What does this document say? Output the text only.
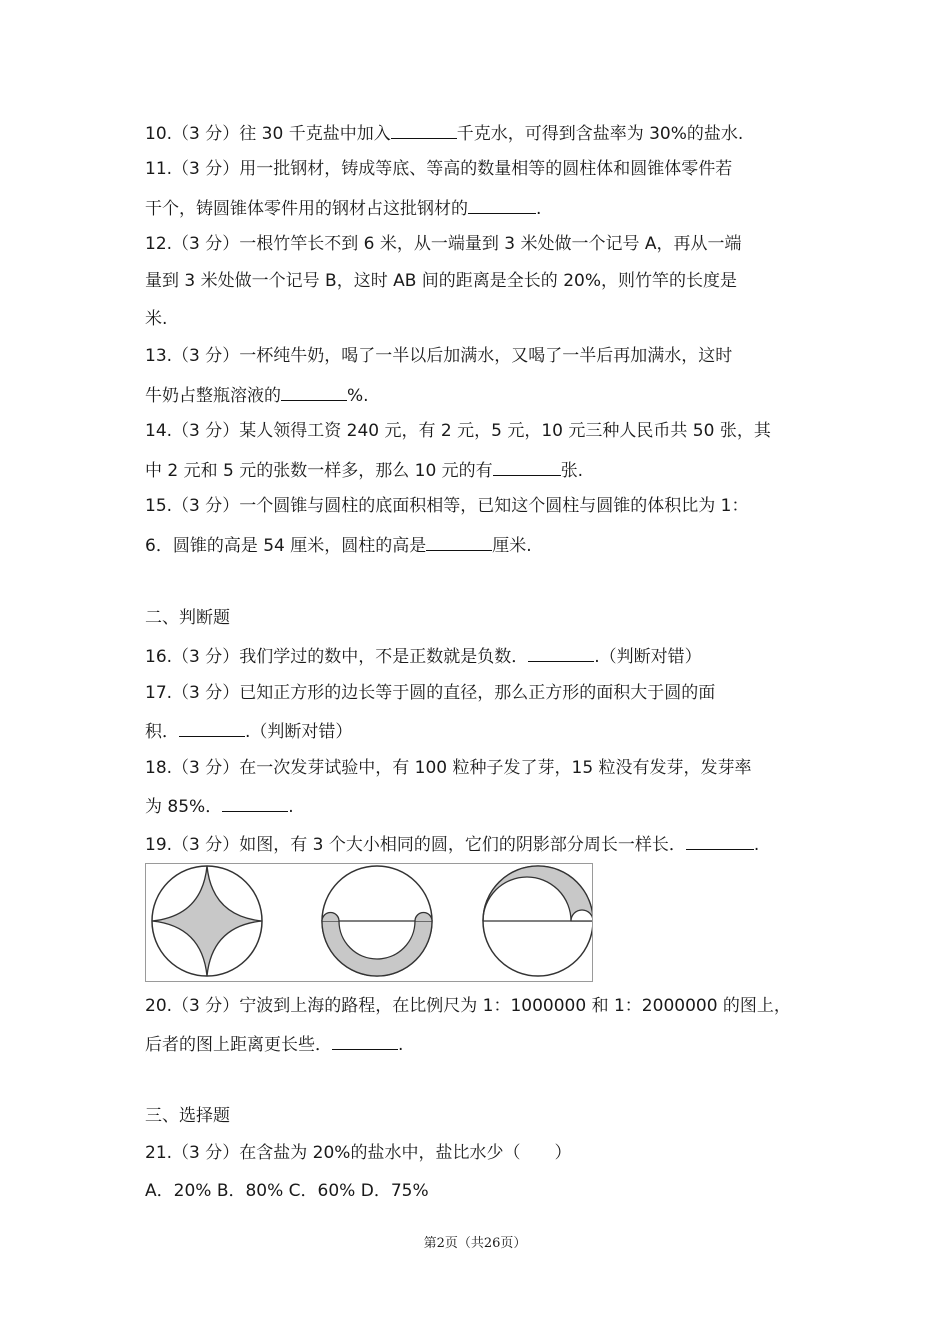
10.（3 分）往 30 千克盐中加入	千克水，可得到含盐率为 30%的盐水.
11.（3 分）用一批钢材，铸成等底、等高的数量相等的圆柱体和圆锥体零件若
干个，铸圆锥体零件用的钢材占这批钢材的	.
12.（3 分）一根竹竿长不到 6 米，从一端量到 3 米处做一个记号 A，再从一端
量到 3 米处做一个记号 B，这时 AB 间的距离是全长的 20%，则竹竿的长度是
米.
13.（3 分）一杯纯牛奶，喝了一半以后加满水，又喝了一半后再加满水，这时
牛奶占整瓶溶液的	%.
14.（3 分）某人领得工资 240 元，有 2 元，5 元，10 元三种人民币共 50 张，其
中 2 元和 5 元的张数一样多，那么 10 元的有	张.
15.（3 分）一个圆锥与圆柱的底面积相等，已知这个圆柱与圆锥的体积比为 1：
6．圆锥的高是 54 厘米，圆柱的高是	厘米.
二、判断题
16.（3 分）我们学过的数中，不是正数就是负数．	.（判断对错）
17.（3 分）已知正方形的边长等于圆的直径，那么正方形的面积大于圆的面
积．	.（判断对错）
18.（3 分）在一次发芽试验中，有 100 粒种子发了芽，15 粒没有发芽，发芽率
为 85%．	.
19.（3 分）如图，有 3 个大小相同的圆，它们的阴影部分周长一样长．	.
20.（3 分）宁波到上海的路程，在比例尺为 1：1000000 和 1：2000000 的图上，
后者的图上距离更长些．	.
三、选择题
21.（3 分）在含盐为 20%的盐水中，盐比水少（　　）
A．20% B．80% C．60% D．75%
第2页（共26页）
